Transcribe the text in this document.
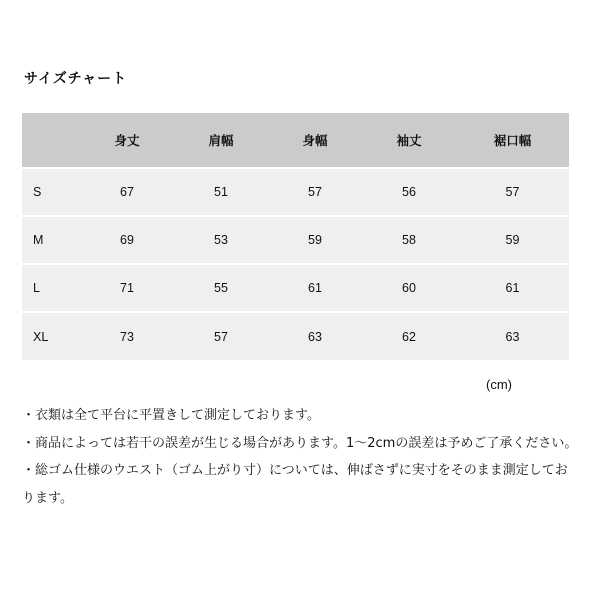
サイズチャート
	身丈	肩幅	身幅	袖丈	裾口幅
S	67	51	57	56	57
M	69	53	59	58	59
L	71	55	61	60	61
XL	73	57	63	62	63
(cm)

・衣類は全て平台に平置きして測定しております。

・商品によっては若干の誤差が生じる場合があります。1～2cmの誤差は予めご了承ください。

・総ゴム仕様のウエスト（ゴム上がり寸）については、伸ばさずに実寸をそのまま測定しております。
